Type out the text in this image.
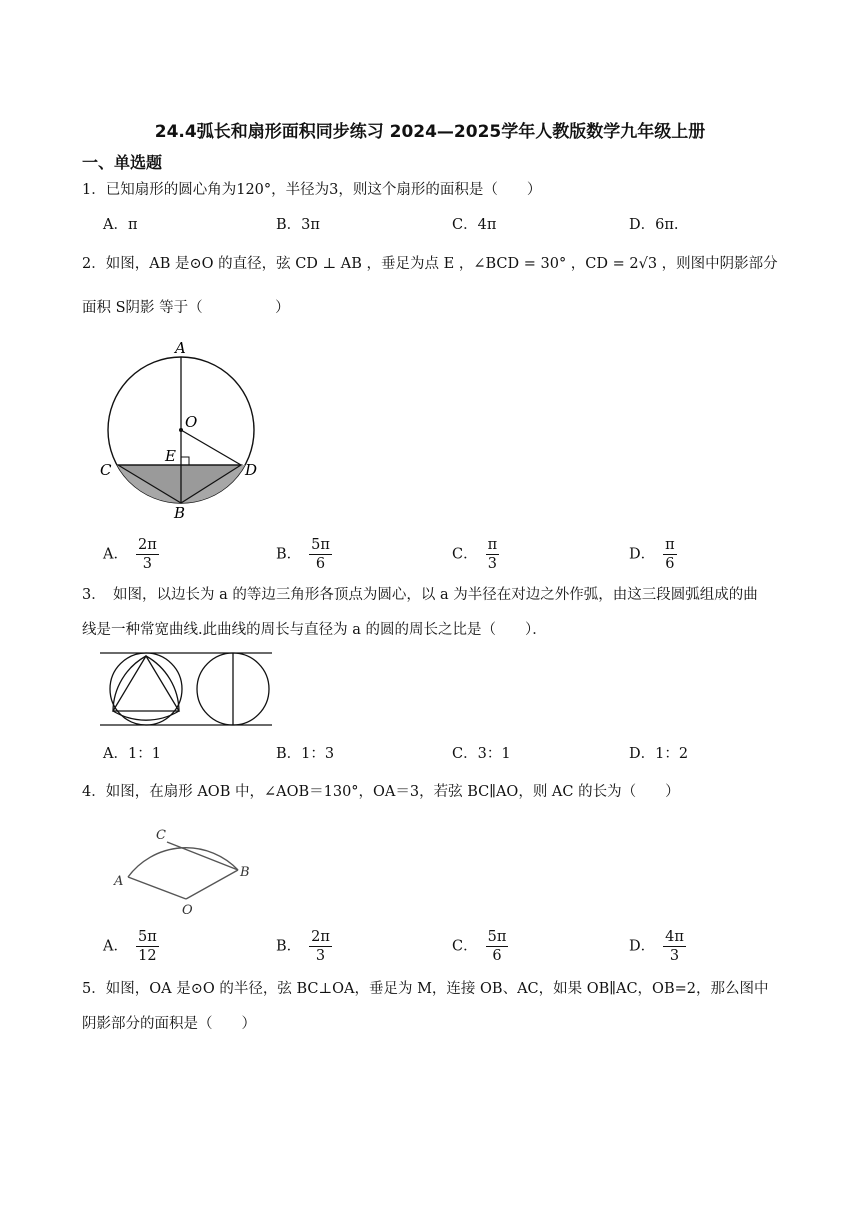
24.4弧长和扇形面积同步练习 2024—2025学年人教版数学九年级上册
一、单选题
1．已知扇形的圆心角为120°，半径为3，则这个扇形的面积是（　　）
A．π	B．3π	C．4π	D．6π.
2．如图，AB 是⊙O 的直径，弦 CD ⊥ AB ，垂足为点 E ，∠BCD = 30° ，CD = 2√3 ，则图中阴影部分
面积 S阴影 等于（　　　　　）
A
O
E
C	D
B
A． $\frac{2\pi}{3}$	B． $\frac{5\pi}{6}$	C． $\frac{\pi}{3}$	D． $\frac{\pi}{6}$
3．　如图，以边长为 a 的等边三角形各顶点为圆心，以 a 为半径在对边之外作弧，由这三段圆弧组成的曲
线是一种常宽曲线.此曲线的周长与直径为 a 的圆的周长之比是（　　）．
A．1：1	B．1：3	C．3：1	D．1：2
4．如图，在扇形 AOB 中，∠AOB＝130°，OA＝3，若弦 BC∥AO，则 AC 的长为（　　）
C
A
B
O
A． $\frac{5\pi}{12}$	B． $\frac{2\pi}{3}$	C． $\frac{5\pi}{6}$	D． $\frac{4\pi}{3}$
5．如图，OA 是⊙O 的半径，弦 BC⊥OA，垂足为 M，连接 OB、AC，如果 OB∥AC，OB=2，那么图中
阴影部分的面积是（　　）
